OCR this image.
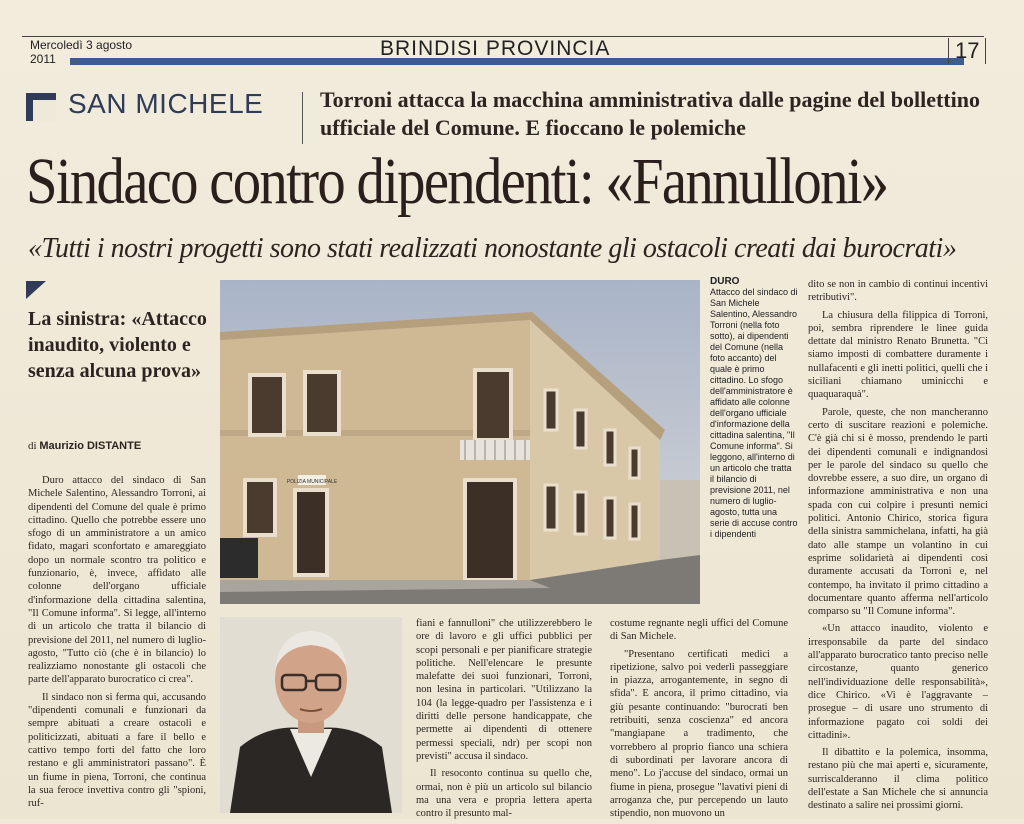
Mercoledì 3 agosto
2011	BRINDISI PROVINCIA	17
SAN MICHELE	Torroni attacca la macchina amministrativa dalle pagine del bollettino ufficiale del Comune. E fioccano le polemiche
Sindaco contro dipendenti: «Fannulloni»
«Tutti i nostri progetti sono stati realizzati nonostante gli ostacoli creati dai burocrati»
La sinistra: «Attacco inaudito, violento e senza alcuna prova»
di Maurizio DISTANTE

Duro attacco del sindaco di San Michele Salentino, Alessandro Torroni, ai dipendenti del Comune del quale è primo cittadino. Quello che potrebbe essere uno sfogo di un amministratore a un amico fidato, magari sconfortato e amareggiato dopo un normale scontro tra politico e funzionario, è, invece, affidato alle colonne dell'organo ufficiale d'informazione della cittadina salentina, "Il Comune informa". Si legge, all'interno di un articolo che tratta il bilancio di previsione del 2011, nel numero di luglio-agosto, "Tutto ciò (che è in bilancio) lo realizziamo nonostante gli ostacoli che parte dell'apparato burocratico ci crea".

Il sindaco non si ferma qui, accusando "dipendenti comunali e funzionari da sempre abituati a creare ostacoli e politicizzati, abituati a fare il bello e cattivo tempo forti del fatto che loro restano e gli amministratori passano". È un fiume in piena, Torroni, che continua la sua feroce invettiva contro gli "spioni, ruf-

POLIZIA MUNICIPALE
DURO
Attacco del sindaco di San Michele Salentino, Alessandro Torroni (nella foto sotto), ai dipendenti del Comune (nella foto accanto) del quale è primo cittadino. Lo sfogo dell'amministratore è affidato alle colonne dell'organo ufficiale d'informazione della cittadina salentina, "Il Comune informa". Si leggono, all'interno di un articolo che tratta il bilancio di previsione 2011, nel numero di luglio-agosto, tutta una serie di accuse contro i dipendenti

fiani e fannulloni" che utilizzerebbero le ore di lavoro e gli uffici pubblici per scopi personali e per pianificare strategie politiche. Nell'elencare le presunte malefatte dei suoi funzionari, Torroni, non lesina in particolari. "Utilizzano la 104 (la legge-quadro per l'assistenza e i diritti delle persone handicappate, che permette ai dipendenti di ottenere permessi speciali, ndr) per scopi non previsti" accusa il sindaco.

Il resoconto continua su quello che, ormai, non è più un articolo sul bilancio ma una vera e propria lettera aperta contro il presunto mal-

costume regnante negli uffici del Comune di San Michele.

"Presentano certificati medici a ripetizione, salvo poi vederli passeggiare in piazza, arrogantemente, in segno di sfida". E ancora, il primo cittadino, via giù pesante continuando: "burocrati ben retribuiti, senza coscienza" ed ancora "mangiapane a tradimento, che vorrebbero al proprio fianco una schiera di subordinati per lavorare ancora di meno". Lo j'accuse del sindaco, ormai un fiume in piena, prosegue "lavativi pieni di arroganza che, pur percependo un lauto stipendio, non muovono un

dito se non in cambio di continui incentivi retributivi".

La chiusura della filippica di Torroni, poi, sembra riprendere le linee guida dettate dal ministro Renato Brunetta. "Ci siamo imposti di combattere duramente i nullafacenti e gli inetti politici, quelli che i siciliani chiamano uminicchi e quaquaraquà".

Parole, queste, che non mancheranno certo di suscitare reazioni e polemiche. C'è già chi si è mosso, prendendo le parti dei dipendenti comunali e indignandosi per le parole del sindaco su quello che dovrebbe essere, a suo dire, un organo di informazione amministrativa e non una spada con cui colpire i presunti nemici politici. Antonio Chirico, storica figura della sinistra sammichelana, infatti, ha già dato alle stampe un volantino in cui esprime solidarietà ai dipendenti così duramente accusati da Torroni e, nel contempo, ha invitato il primo cittadino a documentare quanto afferma nell'articolo comparso su "Il Comune informa".

«Un attacco inaudito, violento e irresponsabile da parte del sindaco all'apparato burocratico tanto preciso nelle circostanze, quanto generico nell'individuazione delle responsabilità», dice Chirico. «Vi è l'aggravante – prosegue – di usare uno strumento di informazione pagato coi soldi dei cittadini».

Il dibattito e la polemica, insomma, restano più che mai aperti e, sicuramente, surriscalderanno il clima politico dell'estate a San Michele che si annuncia destinato a salire nei prossimi giorni.
